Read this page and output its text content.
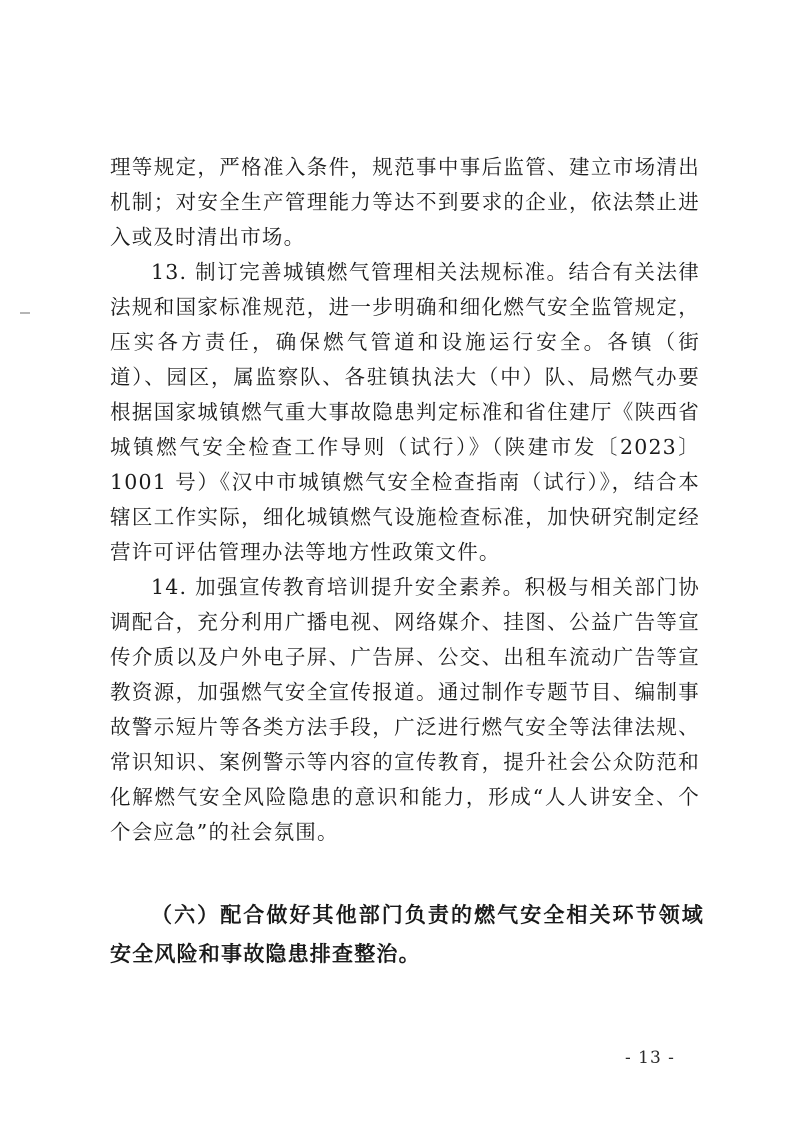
理等规定，严格准入条件，规范事中事后监管、建立市场清出机制；对安全生产管理能力等达不到要求的企业，依法禁止进入或及时清出市场。

13. 制订完善城镇燃气管理相关法规标准。结合有关法律法规和国家标准规范，进一步明确和细化燃气安全监管规定，压实各方责任，确保燃气管道和设施运行安全。各镇（街道）、园区，属监察队、各驻镇执法大（中）队、局燃气办要根据国家城镇燃气重大事故隐患判定标准和省住建厅《陕西省城镇燃气安全检查工作导则（试行）》（陕建市发〔2023〕1001 号）《汉中市城镇燃气安全检查指南（试行）》，结合本辖区工作实际，细化城镇燃气设施检查标准，加快研究制定经营许可评估管理办法等地方性政策文件。

14. 加强宣传教育培训提升安全素养。积极与相关部门协调配合，充分利用广播电视、网络媒介、挂图、公益广告等宣传介质以及户外电子屏、广告屏、公交、出租车流动广告等宣教资源，加强燃气安全宣传报道。通过制作专题节目、编制事故警示短片等各类方法手段，广泛进行燃气安全等法律法规、常识知识、案例警示等内容的宣传教育，提升社会公众防范和化解燃气安全风险隐患的意识和能力，形成“人人讲安全、个个会应急”的社会氛围。

（六）配合做好其他部门负责的燃气安全相关环节领域安全风险和事故隐患排查整治。
- 13 -
